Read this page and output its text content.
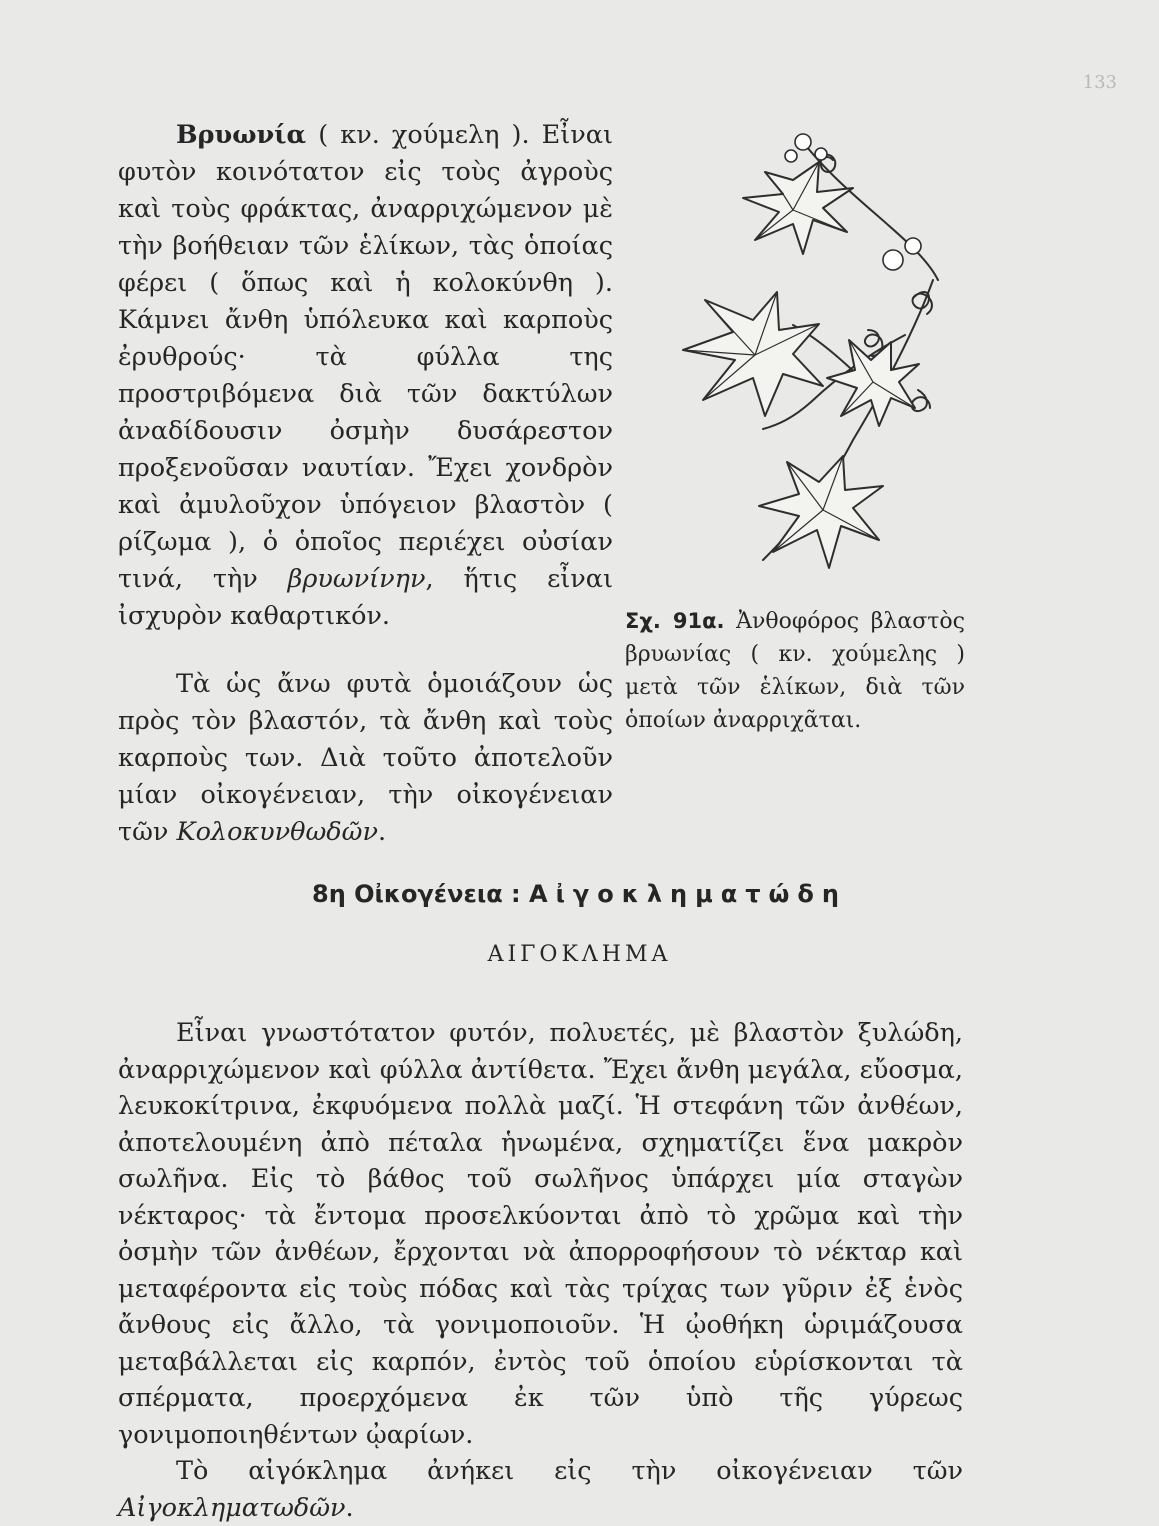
133

Βρυωνία ( κν. χούμελη ). Εἶναι φυτὸν κοινότατον εἰς τοὺς ἀγροὺς καὶ τοὺς φράκτας, ἀναρριχώμενον μὲ τὴν βοήθειαν τῶν ἑλίκων, τὰς ὁποίας φέρει ( ὅπως καὶ ἡ κολοκύνθη ). Κάμνει ἄνθη ὑπόλευκα καὶ καρποὺς ἐρυθρούς· τὰ φύλλα της προστριβόμενα διὰ τῶν δακτύλων ἀναδίδουσιν ὀσμὴν δυσάρεστον προξενοῦσαν ναυτίαν. Ἔχει χονδρὸν καὶ ἀμυλοῦχον ὑπόγειον βλαστὸν ( ρίζωμα ), ὁ ὁποῖος περιέχει οὐσίαν τινά, τὴν βρυωνίνην, ἥτις εἶναι ἰσχυρὸν καθαρτικόν.

Τὰ ὡς ἄνω φυτὰ ὁμοιάζουν ὡς πρὸς τὸν βλαστόν, τὰ ἄνθη καὶ τοὺς καρποὺς των. Διὰ τοῦτο ἀποτελοῦν μίαν οἰκογένειαν, τὴν οἰκογένειαν τῶν Κολοκυνθωδῶν.

Σχ. 91α. Ἀνθοφόρος βλαστὸς βρυωνίας ( κν. χούμελης ) μετὰ τῶν ἑλίκων, διὰ τῶν ὁποίων ἀναρριχᾶται.
8η Οἰκογένεια : Αἰγοκληματώδη
ΑΙΓΟΚΛΗΜΑ

Εἶναι γνωστότατον φυτόν, πολυετές, μὲ βλαστὸν ξυλώδη, ἀναρριχώμενον καὶ φύλλα ἀντίθετα. Ἔχει ἄνθη μεγάλα, εὔοσμα, λευκοκίτρινα, ἐκφυόμενα πολλὰ μαζί. Ἡ στεφάνη τῶν ἀνθέων, ἀποτελουμένη ἀπὸ πέταλα ἡνωμένα, σχηματίζει ἕνα μακρὸν σωλῆνα. Εἰς τὸ βάθος τοῦ σωλῆνος ὑπάρχει μία σταγὼν νέκταρος· τὰ ἔντομα προσελκύονται ἀπὸ τὸ χρῶμα καὶ τὴν ὀσμὴν τῶν ἀνθέων, ἔρχονται νὰ ἀπορροφήσουν τὸ νέκταρ καὶ μεταφέροντα εἰς τοὺς πόδας καὶ τὰς τρίχας των γῦριν ἐξ ἑνὸς ἄνθους εἰς ἄλλο, τὰ γονιμοποιοῦν. Ἡ ᾠοθήκη ὡριμάζουσα μεταβάλλεται εἰς καρπόν, ἐντὸς τοῦ ὁποίου εὑρίσκονται τὰ σπέρματα, προερχόμενα ἐκ τῶν ὑπὸ τῆς γύρεως γονιμοποιηθέντων ᾠαρίων.

Τὸ αἰγόκλημα ἀνήκει εἰς τὴν οἰκογένειαν τῶν Αἰγοκληματωδῶν.
